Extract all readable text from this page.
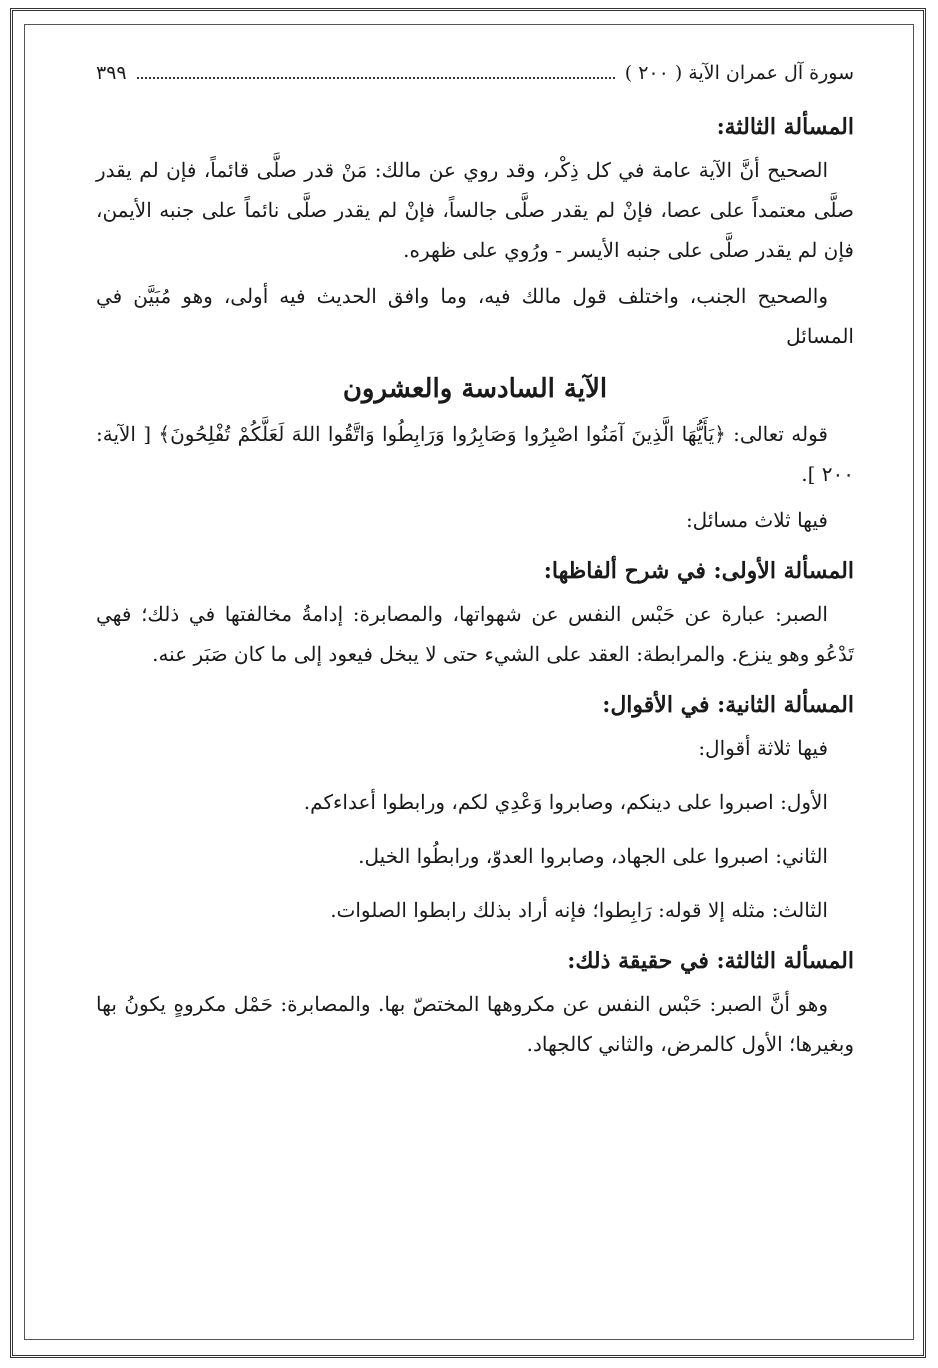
سورة آل عمران الآية ( ٢٠٠ )
٣٩٩
المسألة الثالثة:
الصحيح أنَّ الآية عامة في كل ذِكْر، وقد روي عن مالك: مَنْ قدر صلَّى قائماً، فإن لم يقدر صلَّى معتمداً على عصا، فإنْ لم يقدر صلَّى جالساً، فإنْ لم يقدر صلَّى نائماً على جنبه الأيمن، فإن لم يقدر صلَّى على جنبه الأيسر - ورُوي على ظهره.
والصحيح الجنب، واختلف قول مالك فيه، وما وافق الحديث فيه أولى، وهو مُبَيَّن في المسائل
الآية السادسة والعشرون
قوله تعالى: ﴿يَأَيُّهَا الَّذِينَ آمَنُوا اصْبِرُوا وَصَابِرُوا وَرَابِطُوا وَاتَّقُوا اللهَ لَعَلَّكُمْ تُفْلِحُونَ﴾ [ الآية: ٢٠٠ ].
فيها ثلاث مسائل:
المسألة الأولى: في شرح ألفاظها:
الصبر: عبارة عن حَبْس النفس عن شهواتها، والمصابرة: إدامةُ مخالفتها في ذلك؛ فهي تَدْعُو وهو ينزع. والمرابطة: العقد على الشيء حتى لا يبخل فيعود إلى ما كان صَبَر عنه.
المسألة الثانية: في الأقوال:
فيها ثلاثة أقوال:
الأول: اصبروا على دينكم، وصابروا وَعْدِي لكم، ورابطوا أعداءكم.
الثاني: اصبروا على الجهاد، وصابروا العدوّ، ورابطُوا الخيل.
الثالث: مثله إلا قوله: رَابِطوا؛ فإنه أراد بذلك رابطوا الصلوات.
المسألة الثالثة: في حقيقة ذلك:
وهو أنَّ الصبر: حَبْس النفس عن مكروهها المختصّ بها. والمصابرة: حَمْل مكروهٍ يكونُ بها وبغيرها؛ الأول كالمرض، والثاني كالجهاد.
